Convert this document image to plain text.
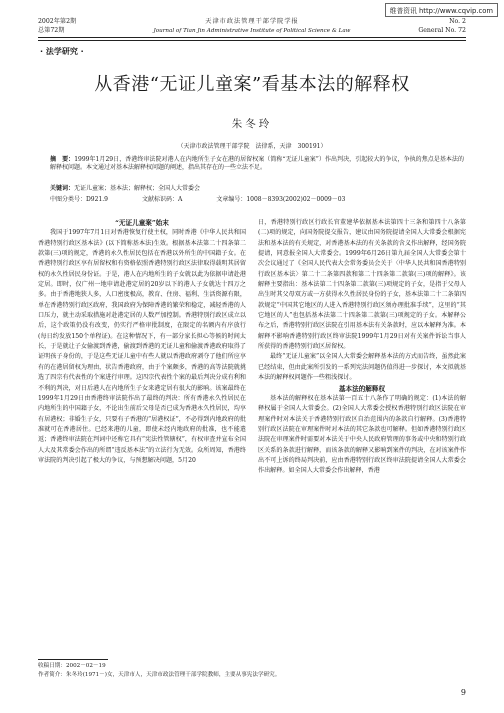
维普资讯 http://www.cqvip.com
2002年第2期
总第72期
天津市政法管理干部学院学报
Journal of Tian Jin Administrative Institute of Political Science & Law
No. 2
General No. 72
· 法学研究 ·
从香港“无证儿童案”看基本法的解释权
朱冬玲
（天津市政法管理干部学院　法律系，天津　300191）
摘　要：1999年1月29日，香港终审法院对港人在内地所生子女在港的居留权案（简称“无证儿童案”）作出判决，引起较大的争议，争执的焦点是基本法的解释权问题。本文通过对基本法解释权问题的阐述，指出其存在的一些立法不足。
关键词：无证儿童案；基本法；解释权；全国人大常委会
中图分类号：D921.9	文献标识码：A	文章编号：1008－8393(2002)02－0009－03

“无证儿童案”始末

我国于1997年7月1日对香港恢复行使主权，同时香港《中华人民共和国香港特别行政区基本法》(以下简称基本法)生效。根据基本法第二十四条第二款第(三)项的规定，香港的永久性居民包括在香港以外所生的中国籍子女。在香港特别行政区享有居留权和有资格依照香港特别行政区法律取得载明其居留权的永久性居民身份证。于是，港人在内地所生的子女就以此为依据申请赴港定居。即时，仅广州一地申请赴港定居的20岁以下的港人子女就达十四万之多。由于香港地狭人多，人口密度极高，教育、住房、福利、生活资源有限，单在香港特别行政区政府，我国政府为保障香港的繁荣和稳定，减轻香港的人口压力，就主动采取措施对赴港定居的人数严加控制。香港特别行政区成立以后，这个政策仍没有改变，仍实行严格审批制度，在限定的名额内有序放行(每日约发放150个单程证)。在这种情况下，有一部分家长担心等候的时间太长，于是就让子女偷渡到香港，偷渡到香港的无证儿童和偷渡香港政府取得了证明孩子身份的，于是这些无证儿童中有些人就以香港政府剥夺了他们所应享有的在港居留权为理由，状告香港政府，由于个案颇多，香港的高等法院就挑选了四宗有代表性的个案进行审理。这四宗代表性个案的最后判决分成有利和不利的判决，对日后港人在内地所生子女来港定居有很大的影响。该案最终在1999年1月29日由香港终审法院作出了最终的判决：所有香港永久性居民在内地所生的中国籍子女，不论出生前后父母是否已成为香港永久性居民，均享有居港权；非婚生子女，只要有子香港的“居港权证”，不必得到内地政府的批准就可在香港居住。已经来港的儿童，即使未经内地政府的批准，也不能遣返；香港终审法院在判词中还称它具有“宪法性管辖权”，有权审查并宣布全国人大及其常委会作出的所谓“违反基本法”的立法行为无效。众所周知，香港终审法院的判决引起了极大的争议，与预想解决问题，5月20

日，香港特别行政区行政长官董建华依据基本法第四十三条和第四十八条第(二)项的规定，向国务院提交报告，建议由国务院提请全国人大常委会根据宪法和基本法的有关规定，对香港基本法的有关条款的含义作出解释，经国务院提请，同意报全国人大常委会。1999年6月26日第九届全国人大常委会第十次会议通过了《全国人民代表大会常务委员会关于〈中华人民共和国香港特别行政区基本法〉第二十二条第四款和第二十四条第二款第(三)项的解释》。该解释主要指出：基本法第二十四条第二款第(三)项规定的子女，是指于父母人出生时其父母双方或一方获得永久性居民身份的子女，基本法第二十二条第四款规定“中国其它地区的人进入香港特别行政区须办理批准手续”，这里的“其它地区的人”也包括基本法第二十四条第二款第(三)项规定的子女。本解释公布之后，香港特别行政区法院在引用基本法有关条款时，应以本解释为准。本解释不影响香港特别行政区终审法院1999年1月29日对有关案件诉讼当事人所获得的香港特别行政区居留权。

最终“无证儿童案”以全国人大常委会解释基本法的方式而告终，虽然此案已经结束，但由此案所引发的一系列宪法问题仍值得进一步探讨，本文拟就基本法的解释权问题作一些粗浅探讨。

基本法的解释权

基本法的解释权在基本法第一百五十八条作了明确的规定：(1)本法的解释权属于全国人大常委会。(2)全国人大常委会授权香港特别行政区法院在审理案件时对本法关于香港特别行政区自治范围内的条款自行解释。(3)香港特别行政区法院在审理案件时对本法的其它条款也可解释。但如香港特别行政区法院在审理案件时需要对本法关于中央人民政府管理的事务或中央和特别行政区关系的条款进行解释，而该条款的解释又影响到案件的判决，在对该案件作出不可上诉的终局判决前，应由香港特别行政区终审法院提请全国人大常委会作出解释。如全国人大常委会作出解释，香港

收稿日期：2002－02－19
作者简介：朱冬玲(1971－)女，天津市人，天津市政法管理干部学院教师，主要从事宪法学研究。
9
